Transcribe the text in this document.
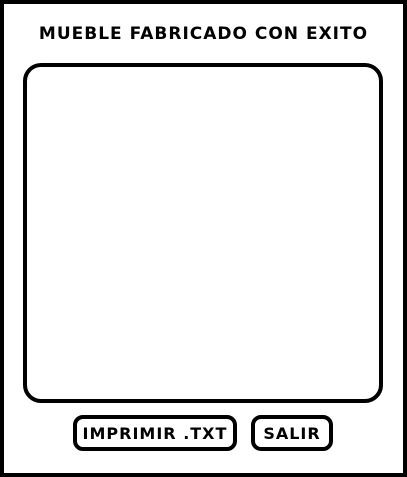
MUEBLE FABRICADO CON EXITO
IMPRIMIR .TXT	SALIR
